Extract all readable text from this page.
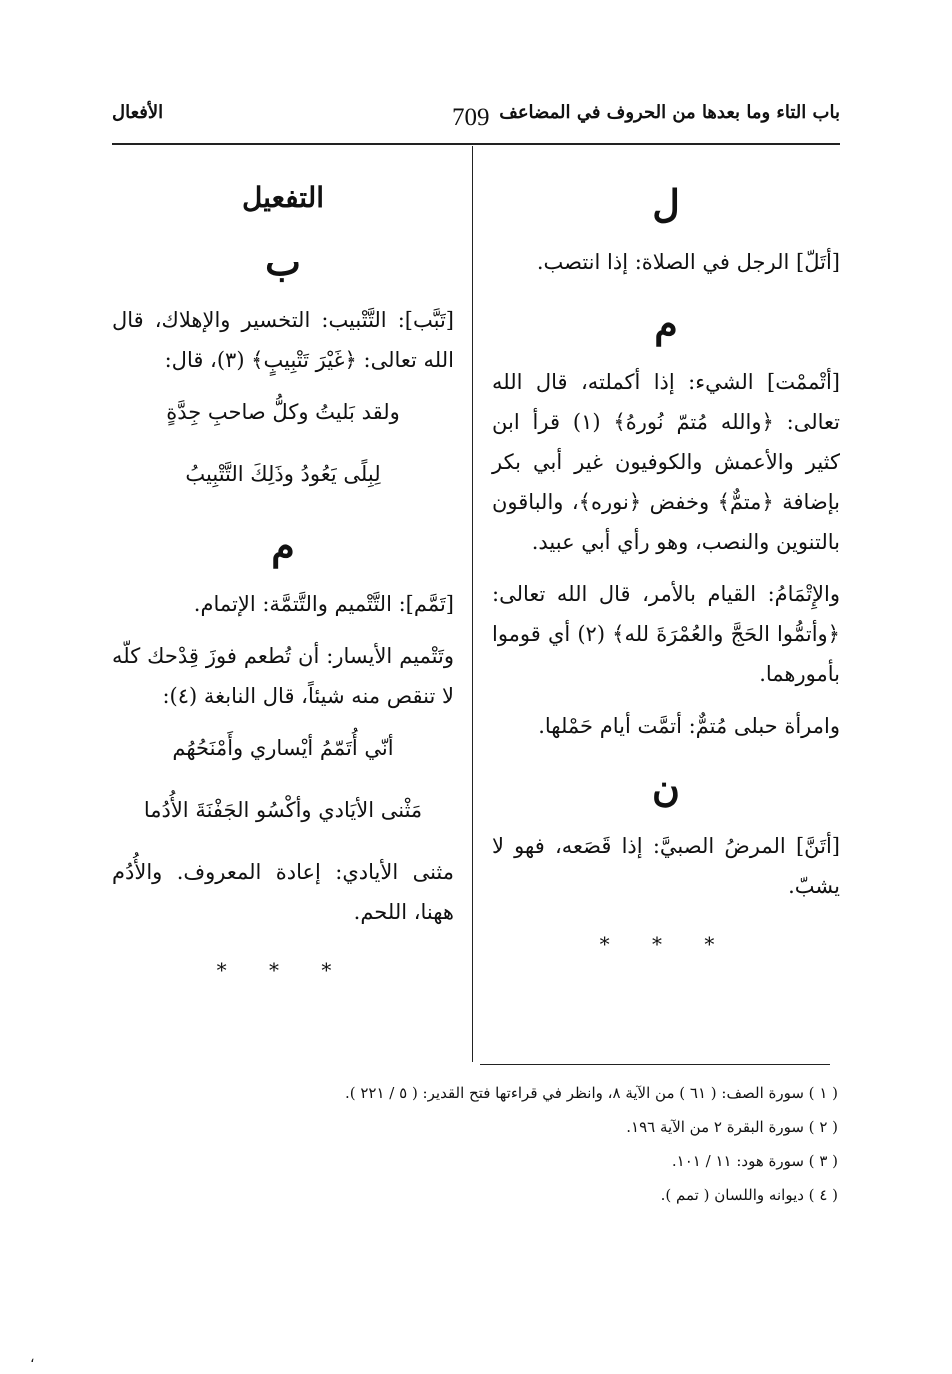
باب التاء وما بعدها من الحروف في المضاعف
709
الأفعال
ل

[أتَلّ] الرجل في الصلاة: إذا انتصب.

م

[أتْممْت] الشيء: إذا أكملته، قال الله تعالى: ﴿والله مُتمّ نُورهُ﴾ (١) قرأ ابن كثير والأعمش والكوفيون غير أبي بكر بإضافة ﴿متمٌّ﴾ وخفض ﴿نوره﴾، والباقون بالتنوين والنصب، وهو رأي أبي عبيد.

والإِتْمَامُ: القيام بالأمر، قال الله تعالى: ﴿وأتمُّوا الحَجَّ والعُمْرَةَ لله﴾ (٢) أي قوموا بأمورهما.

وامرأة حبلى مُتمٌّ: أتمَّت أيام حَمْلها.

ن

[أتَنَّ] المرضُ الصبيَّ: إذا قَصَعه، فهو لا يشبّ.

* * *
التفعيل
ب

[تَبَّب]: التَّتْبيب: التخسير والإهلاك، قال الله تعالى: ﴿غَيْرَ تَتْبِيبٍ﴾ (٣)، قال:

ولقد بَليتُ وكلُّ صاحبِ جِدَّةٍ
لِبِلًى يَعُودُ وذَلِكَ التَّتْبِيبُ
م

[تَمَّم]: التَّتْميم والتَّتمَّة: الإتمام.

وتَتْميم الأيسار: أن تُطعم فوزَ قِدْحك كلّه لا تنقص منه شيئاً، قال النابغة (٤):

أنّي أُتَمّمُ أيْساري وأَمْنَحُهُم
مَثْنى الأيَادي وأكْسُو الجَفْنَةَ الأُدُما

مثنى الأيادي: إعادة المعروف. والأُدُم ههنا، اللحم.

* * *
( ١ ) سورة الصف: ( ٦١ ) من الآية ٨، وانظر في قراءتها فتح القدير: ( ٥ / ٢٢١ ).
( ٢ ) سورة البقرة ٢ من الآية ١٩٦.
( ٣ ) سورة هود: ١١ / ١٠١.
( ٤ ) ديوانه واللسان ( تمم ).
،
